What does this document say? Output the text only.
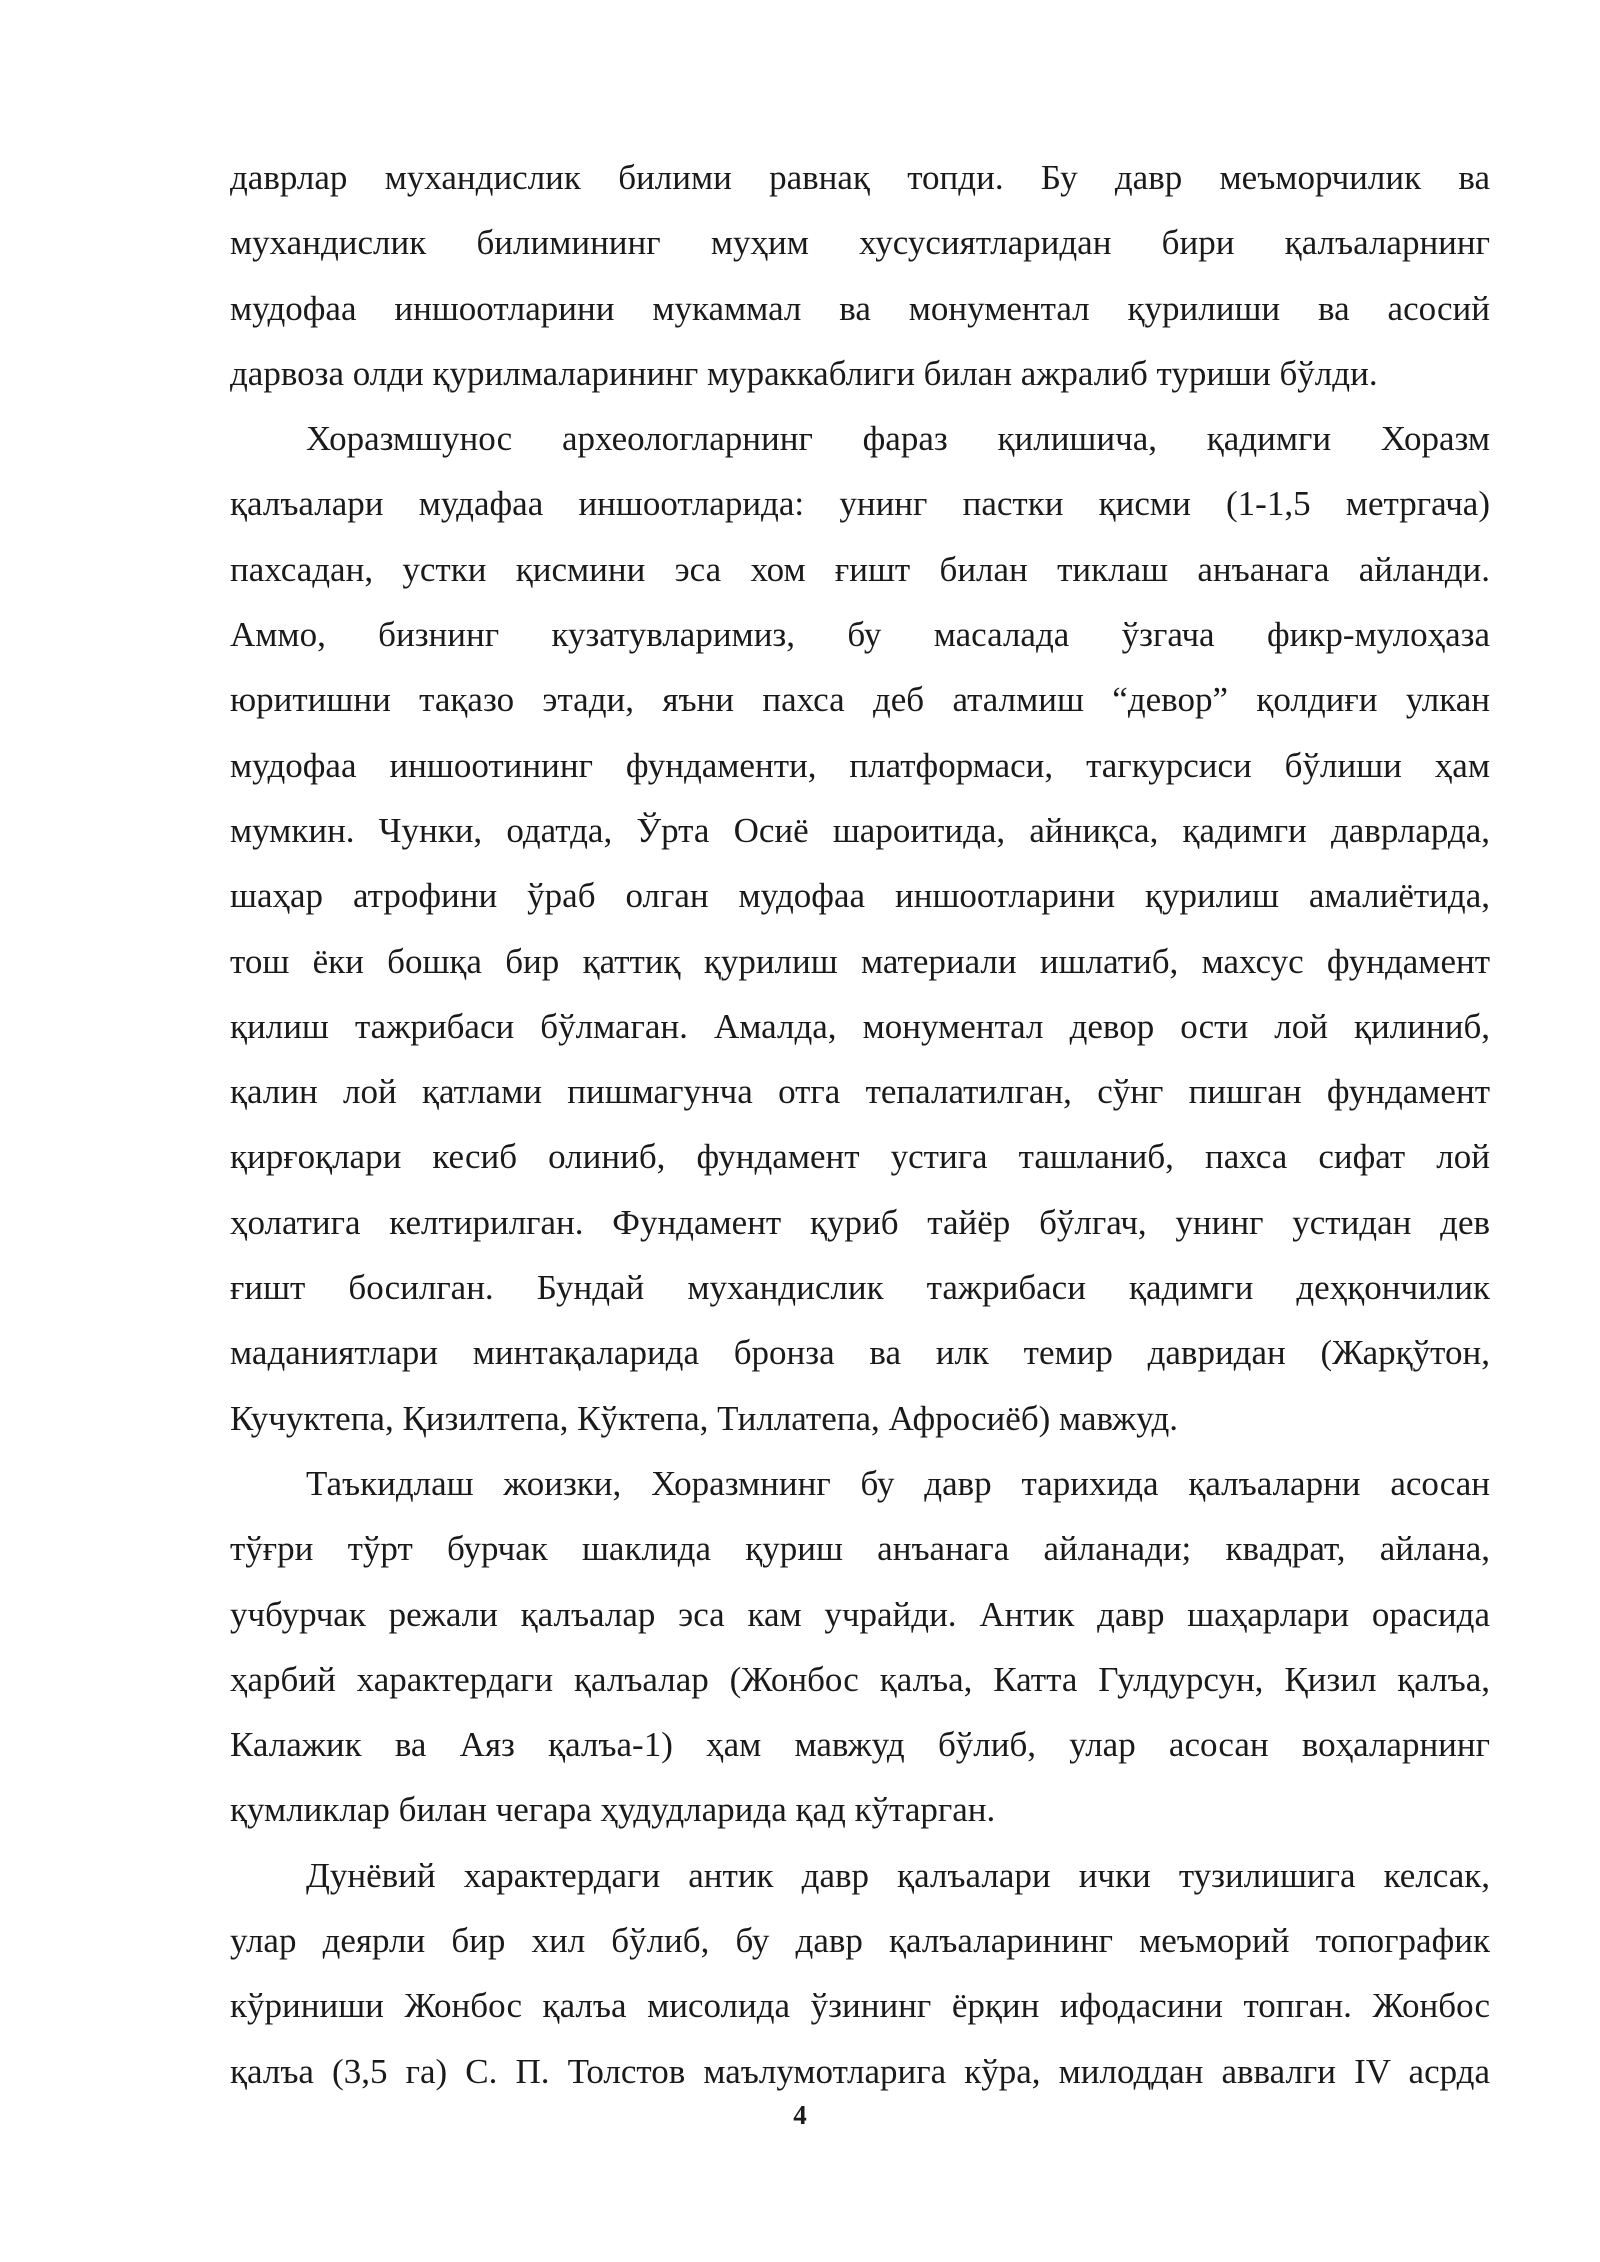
даврлар мухандислик билими равнақ топди. Бу давр меъморчилик ва
мухандислик билимининг муҳим хусусиятларидан бири қалъаларнинг
мудофаа иншоотларини мукаммал ва монументал қурилиши ва асосий
дарвоза олди қурилмаларининг мураккаблиги билан ажралиб туриши бўлди.
Хоразмшунос археологларнинг фараз қилишича, қадимги Хоразм
қалъалари мудафаа иншоотларида: унинг пастки қисми (1-1,5 метргача)
пахсадан, устки қисмини эса хом ғишт билан тиклаш анъанага айланди.
Аммо, бизнинг кузатувларимиз, бу масалада ўзгача фикр-мулоҳаза
юритишни тақазо этади, яъни пахса деб аталмиш “девор” қолдиғи улкан
мудофаа иншоотининг фундаменти, платформаси, тагкурсиси бўлиши ҳам
мумкин. Чунки, одатда, Ўрта Осиё шароитида, айниқса, қадимги даврларда,
шаҳар атрофини ўраб олган мудофаа иншоотларини қурилиш амалиётида,
тош ёки бошқа бир қаттиқ қурилиш материали ишлатиб, махсус фундамент
қилиш тажрибаси бўлмаган. Амалда, монументал девор ости лой қилиниб,
қалин лой қатлами пишмагунча отга тепалатилган, сўнг пишган фундамент
қирғоқлари кесиб олиниб, фундамент устига ташланиб, пахса сифат лой
ҳолатига келтирилган. Фундамент қуриб тайёр бўлгач, унинг устидан дев
ғишт босилган. Бундай мухандислик тажрибаси қадимги деҳқончилик
маданиятлари минтақаларида бронза ва илк темир давридан (Жарқўтон,
Кучуктепа, Қизилтепа, Кўктепа, Тиллатепа, Афросиёб) мавжуд.
Таъкидлаш жоизки, Хоразмнинг бу давр тарихида қалъаларни асосан
тўғри тўрт бурчак шаклида қуриш анъанага айланади; квадрат, айлана,
учбурчак режали қалъалар эса кам учрайди. Антик давр шаҳарлари орасида
ҳарбий характердаги қалъалар (Жонбос қалъа, Катта Гулдурсун, Қизил қалъа,
Калажик ва Аяз қалъа-1) ҳам мавжуд бўлиб, улар асосан воҳаларнинг
қумликлар билан чегара ҳудудларида қад кўтарган.
Дунёвий характердаги антик давр қалъалари ички тузилишига келсак,
улар деярли бир хил бўлиб, бу давр қалъаларининг меъморий топографик
кўриниши Жонбос қалъа мисолида ўзининг ёрқин ифодасини топган. Жонбос
қалъа (3,5 га) С. П. Толстов маълумотларига кўра, милоддан аввалги IV асрда
4
